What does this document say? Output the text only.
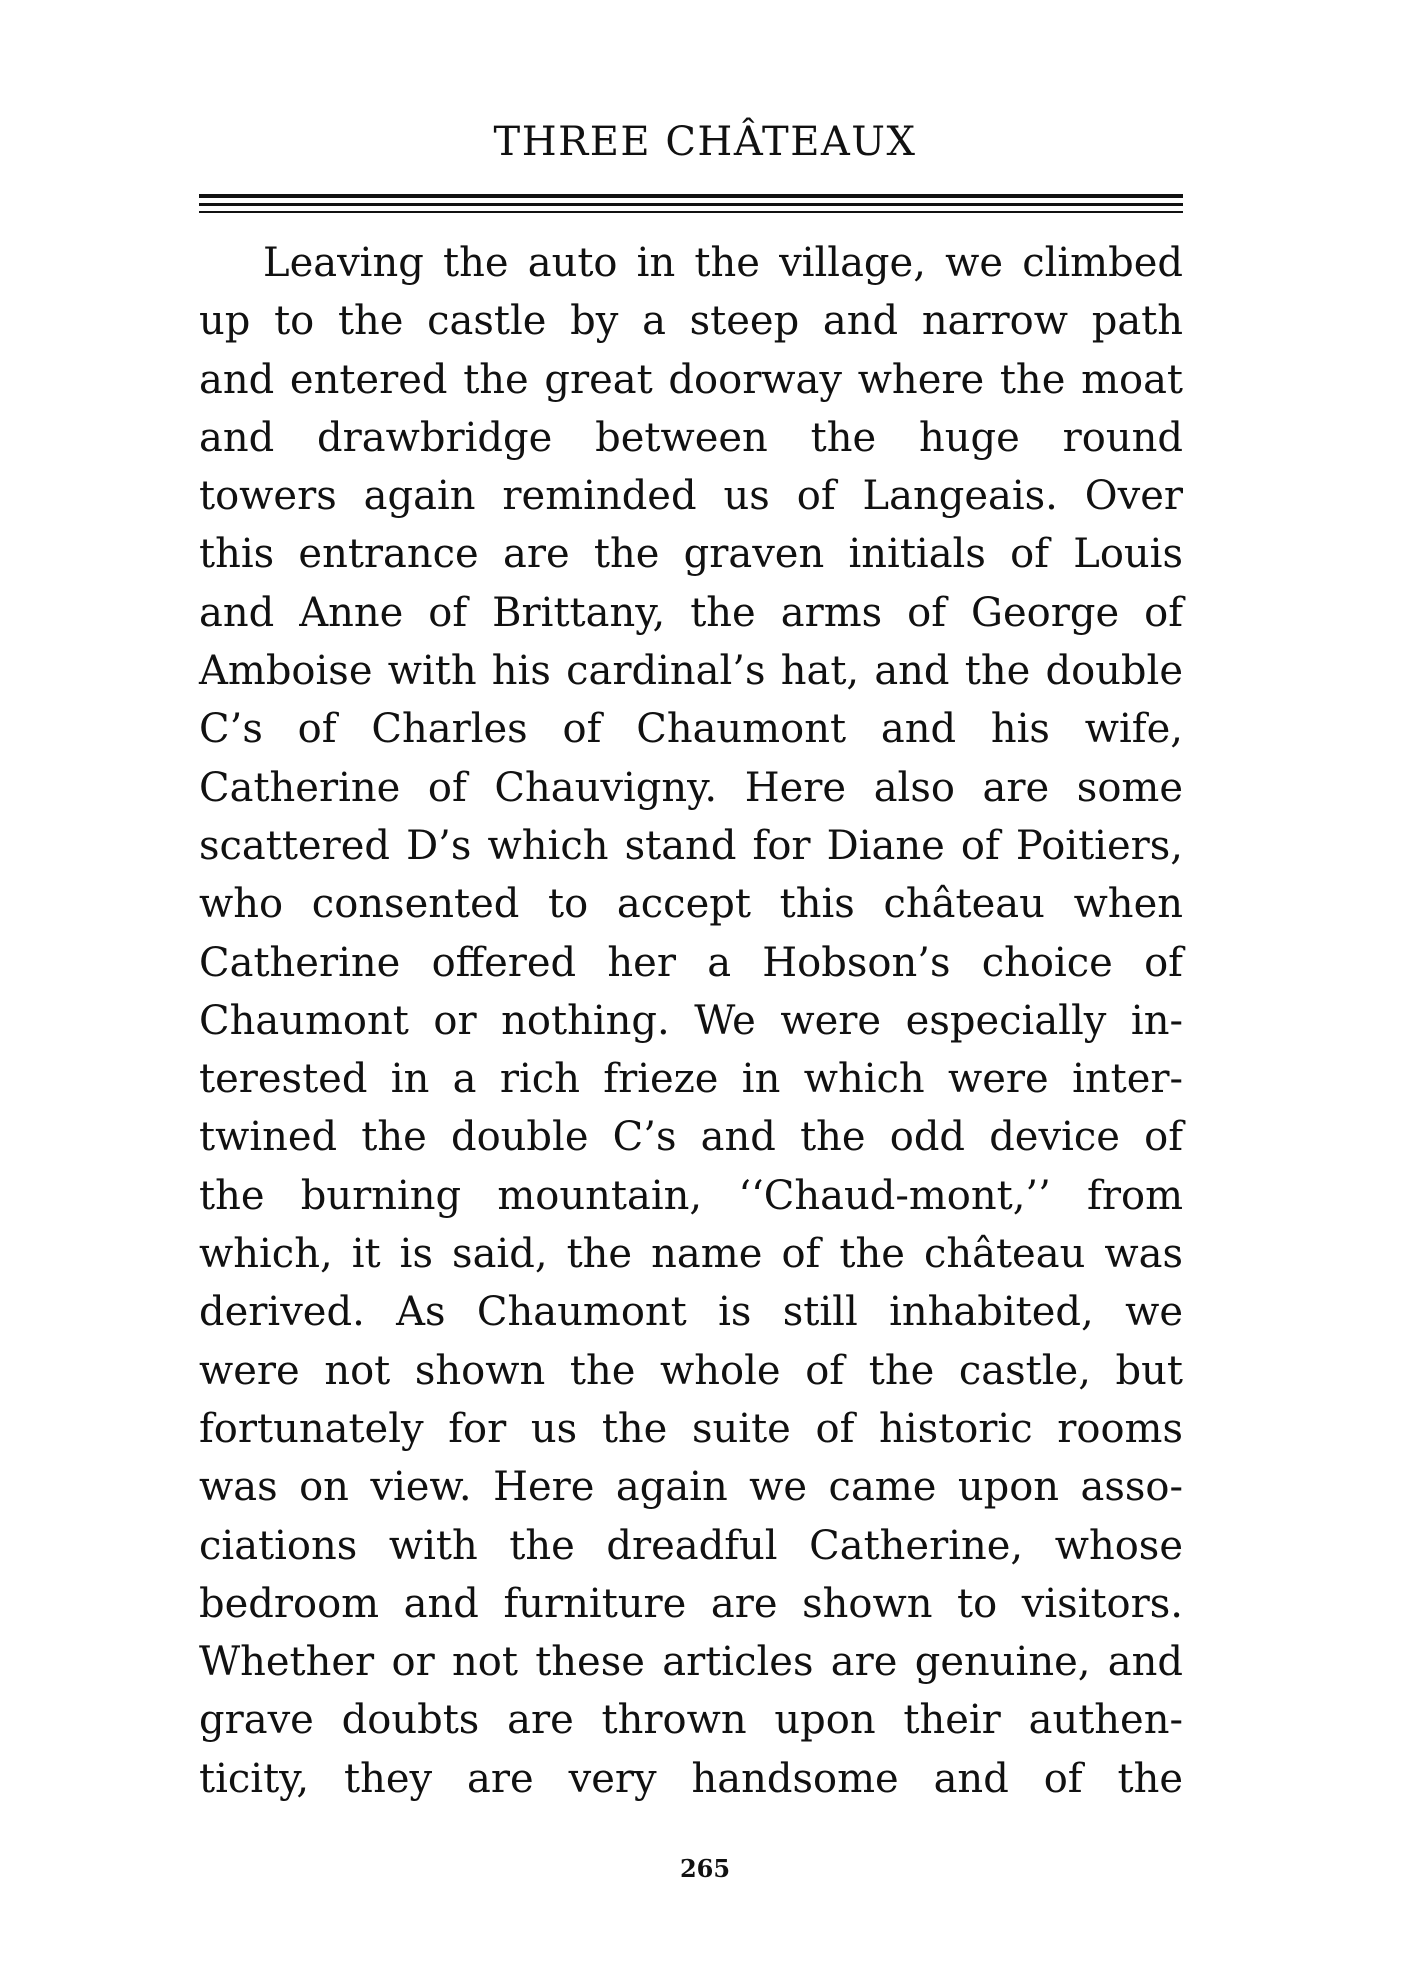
THREE CHÂTEAUX
Leaving the auto in the village, we climbed
up to the castle by a steep and narrow path
and entered the great doorway where the moat
and drawbridge between the huge round
towers again reminded us of Langeais. Over
this entrance are the graven initials of Louis
and Anne of Brittany, the arms of George of
Amboise with his cardinal’s hat, and the double
C’s of Charles of Chaumont and his wife,
Catherine of Chauvigny. Here also are some
scattered D’s which stand for Diane of Poitiers,
who consented to accept this château when
Catherine offered her a Hobson’s choice of
Chaumont or nothing. We were especially in-
terested in a rich frieze in which were inter-
twined the double C’s and the odd device of
the burning mountain, ‘‘Chaud-mont,’’ from
which, it is said, the name of the château was
derived. As Chaumont is still inhabited, we
were not shown the whole of the castle, but
fortunately for us the suite of historic rooms
was on view. Here again we came upon asso-
ciations with the dreadful Catherine, whose
bedroom and furniture are shown to visitors.
Whether or not these articles are genuine, and
grave doubts are thrown upon their authen-
ticity, they are very handsome and of the
265
